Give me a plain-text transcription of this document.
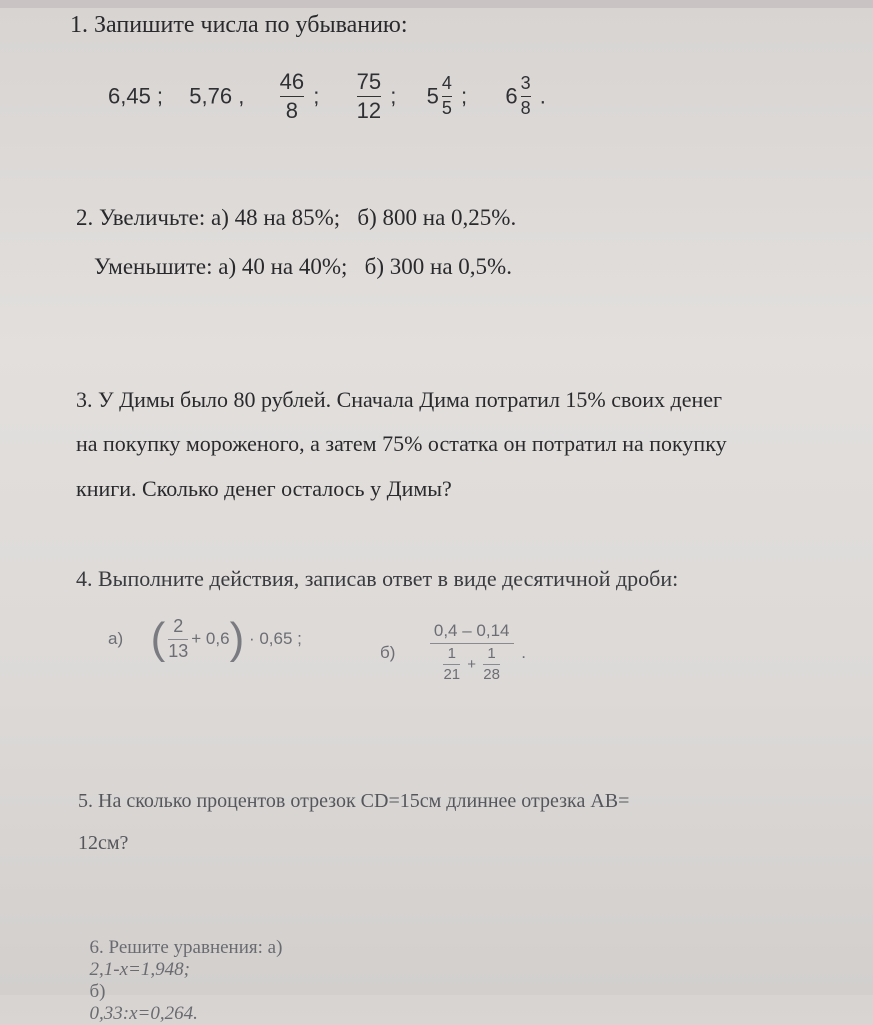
1. Запишите числа по убыванию:
6,45 ; 5,76 , $\frac{46}{8}$ ; $\frac{75}{12}$ ; $5 \frac{4}{5}$ ; $6 \frac{3}{8}$ .
2. Увеличьте: а) 48 на 85%;   б) 800 на 0,25%.
Уменьшите: а) 40 на 40%;   б) 300 на 0,5%.
3. У Димы было 80 рублей. Сначала Дима потратил 15% своих денег
на покупку мороженого, а затем 75% остатка он потратил на покупку
книги. Сколько денег осталось у Димы?
4. Выполните действия, записав ответ в виде десятичной дроби:
а) ( $\frac{2}{13} + 0,6) \cdot 0,65$ ;
$б) \frac{0,4 - 0,14}{\frac{1}{21} + \frac{1}{28}}$ .
5. На сколько процентов отрезок CD=15см длиннее отрезка AB=
12см?

6. Решите уравнения: а)
2,1-x=1,948;
б)
0,33:x=0,264.
